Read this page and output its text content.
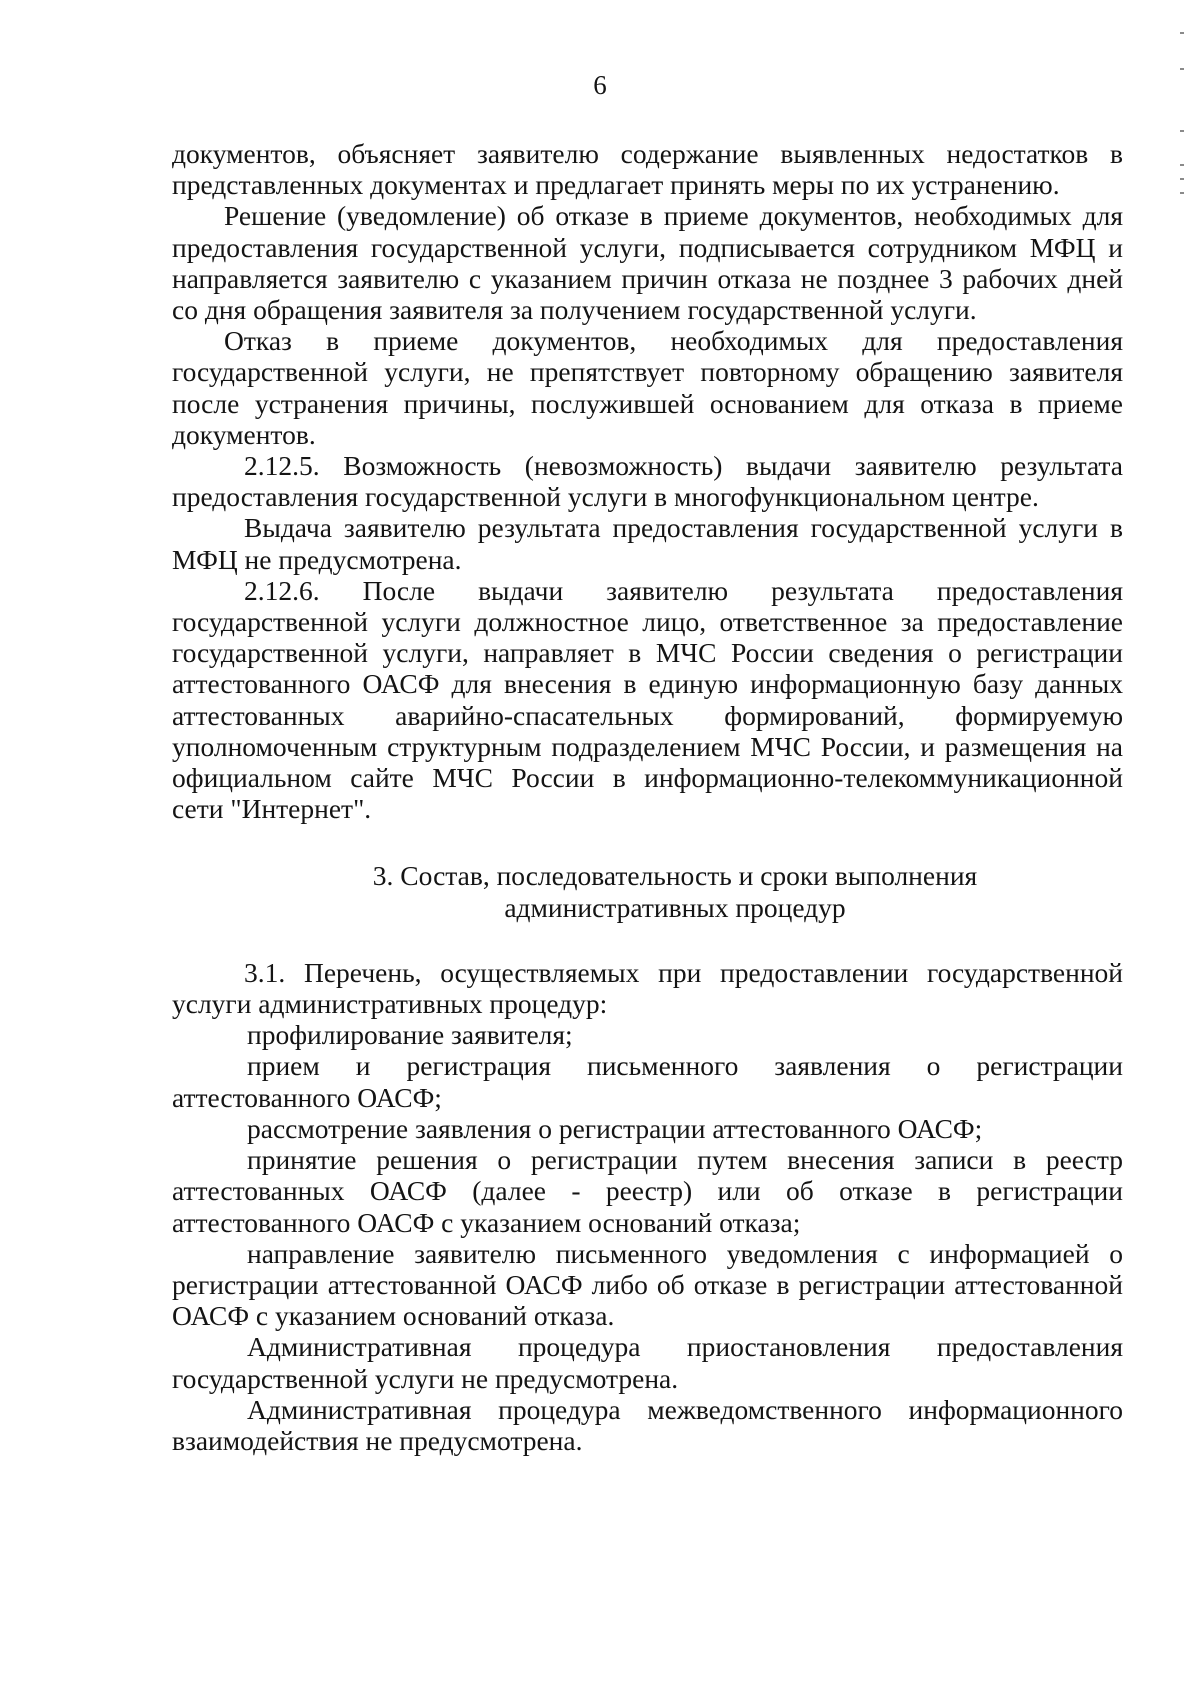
6

документов, объясняет заявителю содержание выявленных недостатков в представленных документах и предлагает принять меры по их устранению.

Решение (уведомление) об отказе в приеме документов, необходимых для предоставления государственной услуги, подписывается сотрудником МФЦ и направляется заявителю с указанием причин отказа не позднее 3 рабочих дней со дня обращения заявителя за получением государственной услуги.

Отказ в приеме документов, необходимых для предоставления государственной услуги, не препятствует повторному обращению заявителя после устранения причины, послужившей основанием для отказа в приеме документов.

2.12.5. Возможность (невозможность) выдачи заявителю результата предоставления государственной услуги в многофункциональном центре.

Выдача заявителю результата предоставления государственной услуги в МФЦ не предусмотрена.

2.12.6. После выдачи заявителю результата предоставления государственной услуги должностное лицо, ответственное за предоставление государственной услуги, направляет в МЧС России сведения о регистрации аттестованного ОАСФ для внесения в единую информационную базу данных аттестованных аварийно-спасательных формирований, формируемую уполномоченным структурным подразделением МЧС России, и размещения на официальном сайте МЧС России в информационно-телекоммуникационной сети "Интернет".

3. Состав, последовательность и сроки выполнения
административных процедур

3.1. Перечень, осуществляемых при предоставлении государственной услуги административных процедур:

профилирование заявителя;

прием и регистрация письменного заявления о регистрации аттестованного ОАСФ;

рассмотрение заявления о регистрации аттестованного ОАСФ;

принятие решения о регистрации путем внесения записи в реестр аттестованных ОАСФ (далее - реестр) или об отказе в регистрации аттестованного ОАСФ с указанием оснований отказа;

направление заявителю письменного уведомления с информацией о регистрации аттестованной ОАСФ либо об отказе в регистрации аттестованной ОАСФ с указанием оснований отказа.

Административная процедура приостановления предоставления государственной услуги не предусмотрена.

Административная процедура межведомственного информационного взаимодействия не предусмотрена.
